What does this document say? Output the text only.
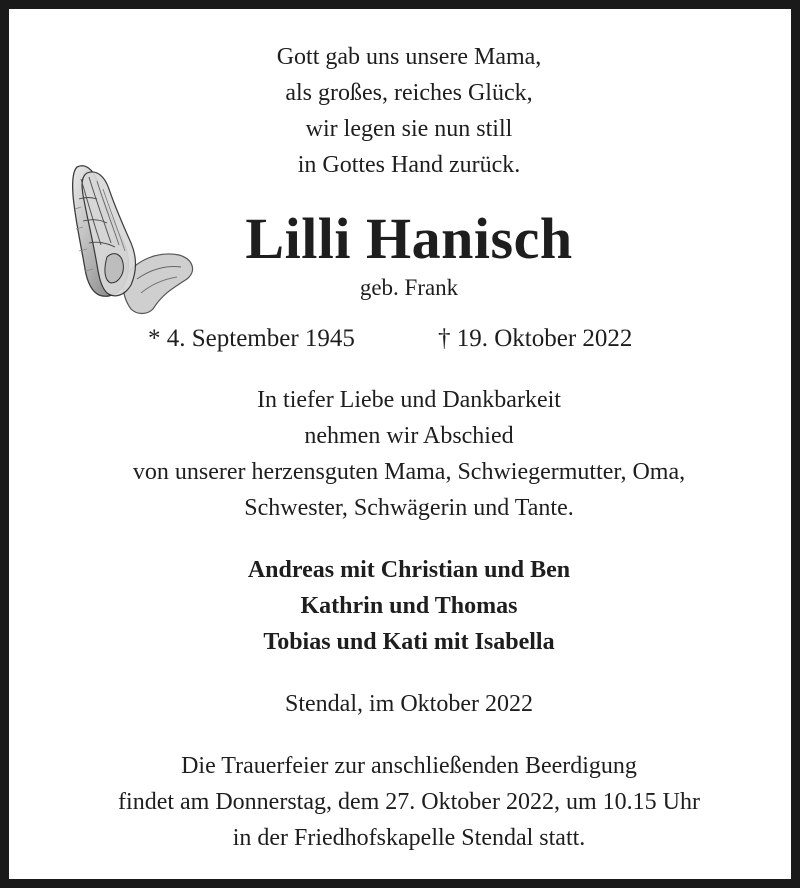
Gott gab uns unsere Mama,
als großes, reiches Glück,
wir legen sie nun still
in Gottes Hand zurück.
Lilli Hanisch
geb. Frank
* 4. September 1945	† 19. Oktober 2022
In tiefer Liebe und Dankbarkeit
nehmen wir Abschied
von unserer herzensguten Mama, Schwiegermutter, Oma,
Schwester, Schwägerin und Tante.
Andreas mit Christian und Ben
Kathrin und Thomas
Tobias und Kati mit Isabella
Stendal, im Oktober 2022
Die Trauerfeier zur anschließenden Beerdigung
findet am Donnerstag, dem 27. Oktober 2022, um 10.15 Uhr
in der Friedhofskapelle Stendal statt.
